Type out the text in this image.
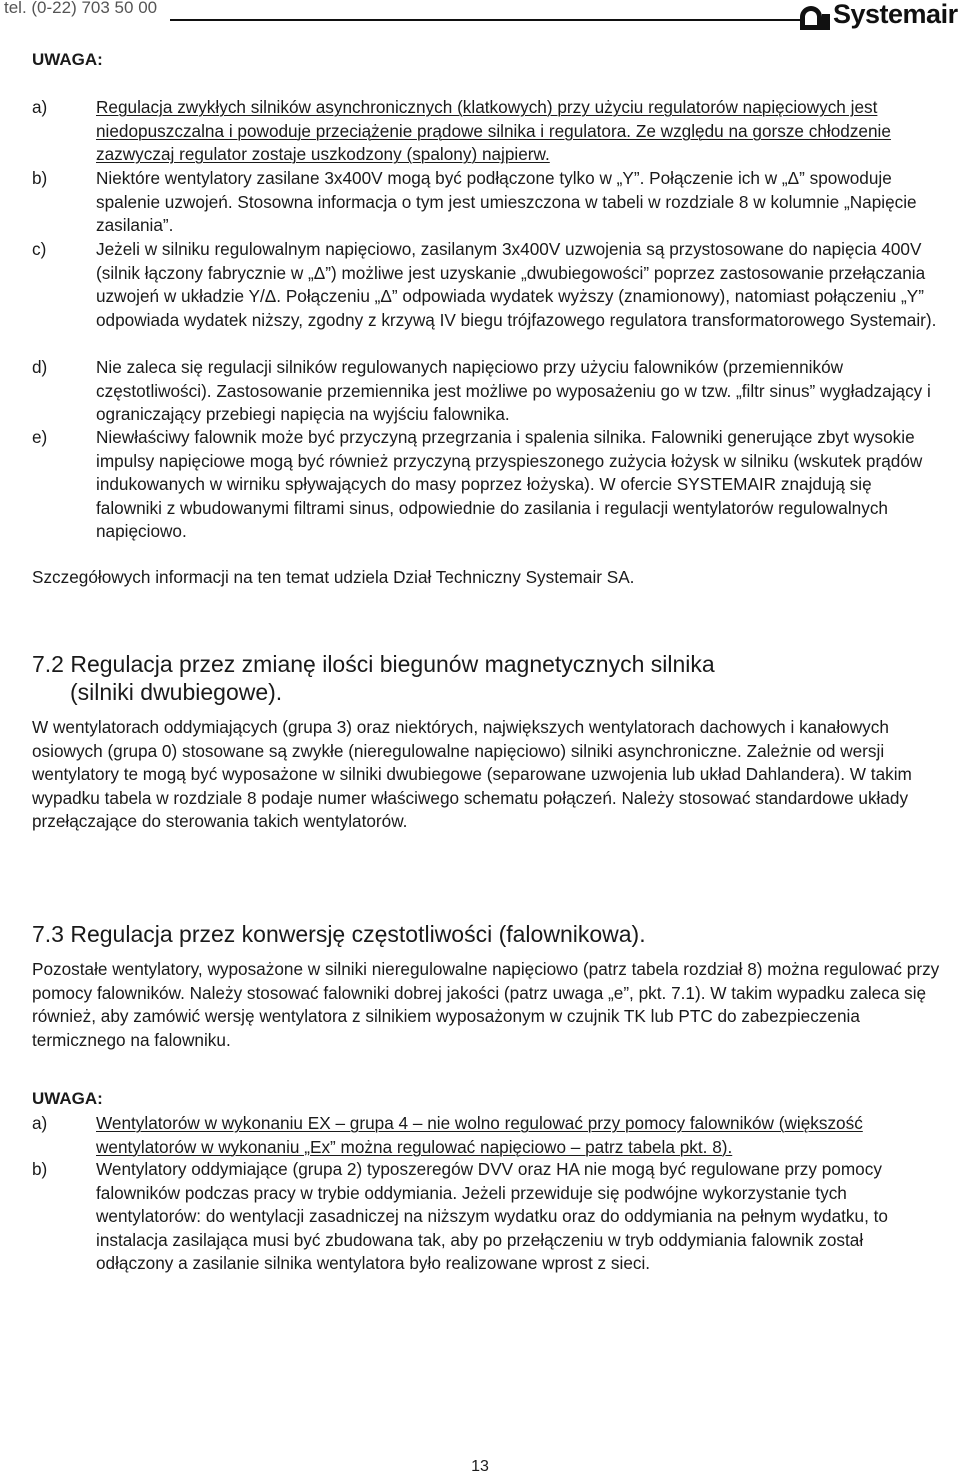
tel. (0-22) 703 50 00	Systemair
UWAGA:
a)	Regulacja zwykłych silników asynchronicznych (klatkowych) przy użyciu regulatorów napięciowych jest niedopuszczalna i powoduje przeciążenie prądowe silnika i regulatora. Ze względu na gorsze chłodzenie zazwyczaj regulator zostaje uszkodzony (spalony) najpierw.

b)	Niektóre wentylatory zasilane 3x400V mogą być podłączone tylko w „Y”. Połączenie ich w „Δ” spowoduje spalenie uzwojeń. Stosowna informacja o tym jest umieszczona w tabeli w rozdziale 8 w kolumnie „Napięcie zasilania”.

c)	Jeżeli w silniku regulowalnym napięciowo, zasilanym 3x400V uzwojenia są przystosowane do napięcia 400V (silnik łączony fabrycznie w „Δ”) możliwe jest uzyskanie „dwubiegowości” poprzez zastosowanie przełączania uzwojeń w układzie Y/Δ. Połączeniu „Δ” odpowiada wydatek wyższy (znamionowy), natomiast połączeniu „Y” odpowiada wydatek niższy, zgodny z krzywą IV biegu trójfazowego regulatora transformatorowego Systemair).

d)	Nie zaleca się regulacji silników regulowanych napięciowo przy użyciu falowników (przemienników częstotliwości). Zastosowanie przemiennika jest możliwe po wyposażeniu go w tzw. „filtr sinus” wygładzający i ograniczający przebiegi napięcia na wyjściu falownika.

e)	Niewłaściwy falownik może być przyczyną przegrzania i spalenia silnika. Falowniki generujące zbyt wysokie impulsy napięciowe mogą być również przyczyną przyspieszonego zużycia łożysk w silniku (wskutek prądów indukowanych w wirniku spływających do masy poprzez łożyska). W ofercie SYSTEMAIR znajdują się falowniki z wbudowanymi filtrami sinus, odpowiednie do zasilania i regulacji wentylatorów regulowalnych napięciowo.

Szczegółowych informacji na ten temat udziela Dział Techniczny Systemair SA.

7.2 Regulacja przez zmianę ilości biegunów magnetycznych silnika
(silniki dwubiegowe).

W wentylatorach oddymiających (grupa 3) oraz niektórych, największych wentylatorach dachowych i kanałowych osiowych (grupa 0) stosowane są zwykłe (nieregulowalne napięciowo) silniki asynchroniczne. Zależnie od wersji wentylatory te mogą być wyposażone w silniki dwubiegowe (separowane uzwojenia lub układ Dahlandera). W takim wypadku tabela w rozdziale 8 podaje numer właściwego schematu połączeń. Należy stosować standardowe układy przełączające do sterowania takich wentylatorów.

7.3 Regulacja przez konwersję częstotliwości (falownikowa).

Pozostałe wentylatory, wyposażone w silniki nieregulowalne napięciowo (patrz tabela rozdział 8) można regulować przy pomocy falowników. Należy stosować falowniki dobrej jakości (patrz uwaga „e”, pkt. 7.1). W takim wypadku zaleca się również, aby zamówić wersję wentylatora z silnikiem wyposażonym w czujnik TK lub PTC do zabezpieczenia termicznego na falowniku.

UWAGA:
a)	Wentylatorów w wykonaniu EX – grupa 4 – nie wolno regulować przy pomocy falowników (większość wentylatorów w wykonaniu „Ex” można regulować napięciowo – patrz tabela pkt. 8).

b)	Wentylatory oddymiające (grupa 2) typoszeregów DVV oraz HA nie mogą być regulowane przy pomocy falowników podczas pracy w trybie oddymiania. Jeżeli przewiduje się podwójne wykorzystanie tych wentylatorów: do wentylacji zasadniczej na niższym wydatku oraz do oddymiania na pełnym wydatku, to instalacja zasilająca musi być zbudowana tak, aby po przełączeniu w tryb oddymiania falownik został odłączony a zasilanie silnika wentylatora było realizowane wprost z sieci.

13
